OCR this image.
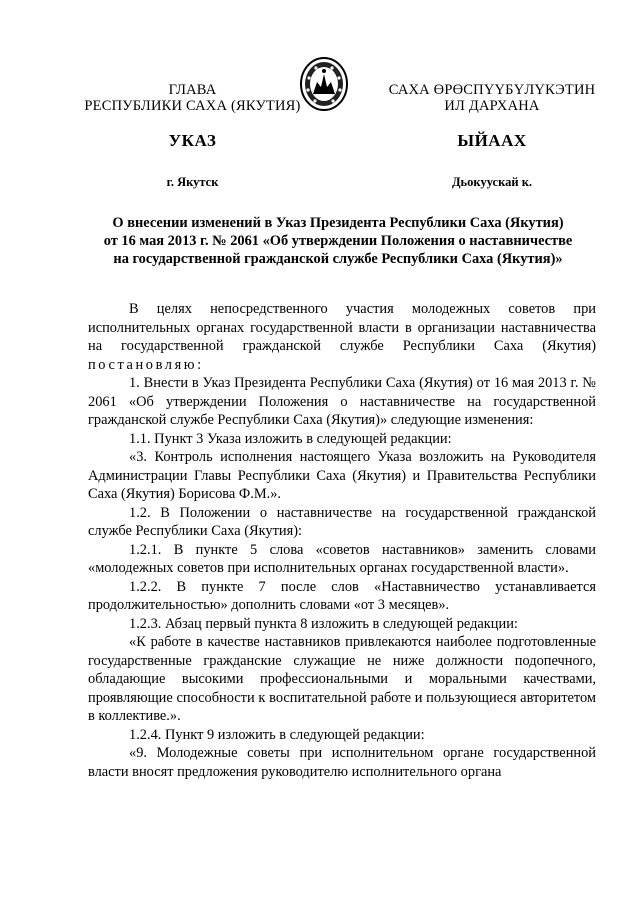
ГЛАВА
РЕСПУБЛИКИ САХА (ЯКУТИЯ)
САХА ӨРӨСПҮҮБҮЛҮКЭТИН
ИЛ ДАРХАНА
УКАЗ	ЫЙААХ
г. Якутск	Дьокуускай к.
О внесении изменений в Указ Президента Республики Саха (Якутия)
от 16 мая 2013 г. № 2061 «Об утверждении Положения о наставничестве
на государственной гражданской службе Республики Саха (Якутия)»

В целях непосредственного участия молодежных советов при исполнительных органах государственной власти в организации наставничества на государственной гражданской службе Республики Саха (Якутия) постановляю:

1. Внести в Указ Президента Республики Саха (Якутия) от 16 мая 2013 г. № 2061 «Об утверждении Положения о наставничестве на государственной гражданской службе Республики Саха (Якутия)» следующие изменения:

1.1. Пункт 3 Указа изложить в следующей редакции:

«3. Контроль исполнения настоящего Указа возложить на Руководителя Администрации Главы Республики Саха (Якутия) и Правительства Республики Саха (Якутия) Борисова Ф.М.».

1.2. В Положении о наставничестве на государственной гражданской службе Республики Саха (Якутия):

1.2.1. В пункте 5 слова «советов наставников» заменить словами «молодежных советов при исполнительных органах государственной власти».

1.2.2. В пункте 7 после слов «Наставничество устанавливается продолжительностью» дополнить словами «от 3 месяцев».

1.2.3. Абзац первый пункта 8 изложить в следующей редакции:

«К работе в качестве наставников привлекаются наиболее подготовленные государственные гражданские служащие не ниже должности подопечного, обладающие высокими профессиональными и моральными качествами, проявляющие способности к воспитательной работе и пользующиеся авторитетом в коллективе.».

1.2.4. Пункт 9 изложить в следующей редакции:

«9. Молодежные советы при исполнительном органе государственной власти вносят предложения руководителю исполнительного органа
